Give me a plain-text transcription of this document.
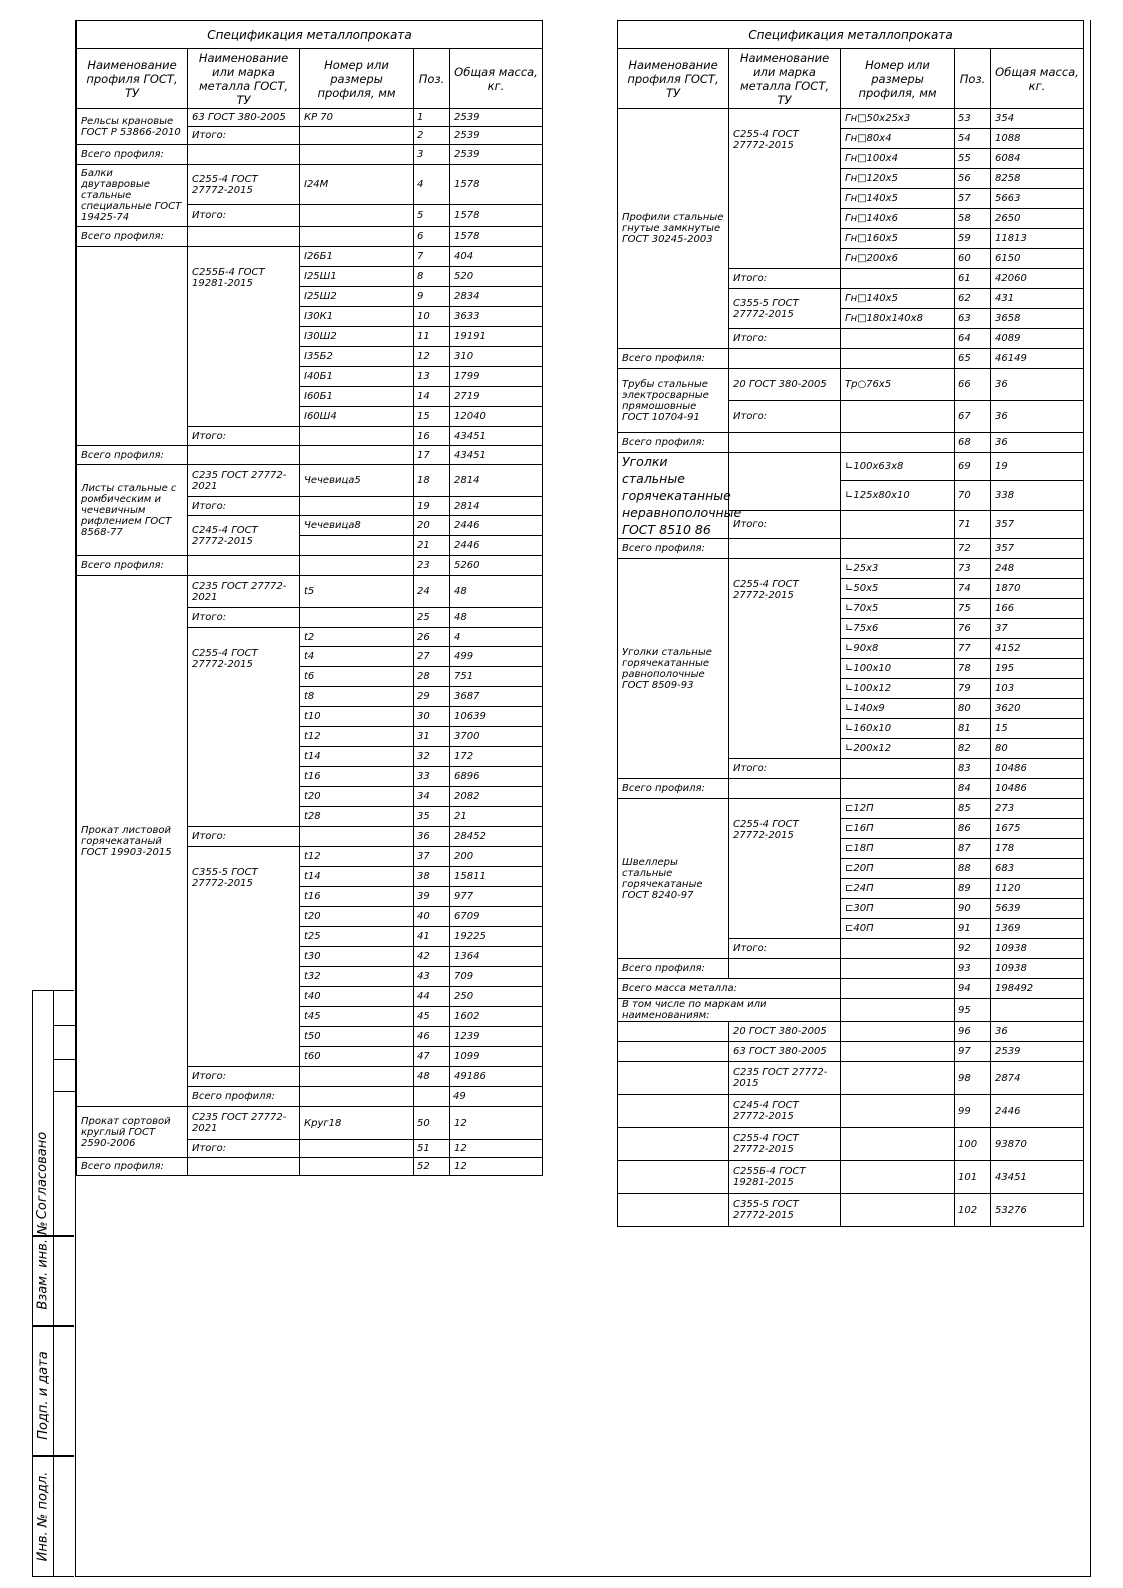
Спецификация металлопроката					
Наименование профиля ГОСТ, ТУ	Наименование или марка металла ГОСТ, ТУ	Номер или размеры профиля, мм	Поз.	Общая масса, кг.	
Рельсы крановые ГОСТ Р 53866-2010	63 ГОСТ 380-2005	КР 70	1	2539	
	Итого:		2	2539	
Всего профиля:			3	2539	
Балки двутавровые стальные специальные ГОСТ 19425-74	С255-4 ГОСТ 27772-2015	I24М	4	1578	
	Итого:		5	1578	
Всего профиля:			6	1578	
	С255Б-4 ГОСТ 19281-2015	I26Б1	7	404	
		I25Ш1	8	520	
		I25Ш2	9	2834	
		I30К1	10	3633	
		I30Ш2	11	19191	
		I35Б2	12	310	
		I40Б1	13	1799	
		I60Б1	14	2719	
		I60Ш4	15	12040	
	Итого:		16	43451	
Всего профиля:			17	43451	
Листы стальные с ромбическим и чечевичным рифлением ГОСТ 8568-77	С235 ГОСТ 27772-2021	Чечевица5	18	2814	
	Итого:		19	2814	
	С245-4 ГОСТ 27772-2015	Чечевица8	20	2446	
			21	2446	
Всего профиля:			23	5260	
Прокат листовой горячекатаный ГОСТ 19903-2015	С235 ГОСТ 27772-2021	t5	24	48	
	Итого:		25	48	
	С255-4 ГОСТ 27772-2015	t2	26	4	
		t4	27	499	
		t6	28	751	
		t8	29	3687	
		t10	30	10639	
		t12	31	3700	
		t14	32	172	
		t16	33	6896	
		t20	34	2082	
		t28	35	21	
	Итого:		36	28452	
	С355-5 ГОСТ 27772-2015	t12	37	200	
		t14	38	15811	
		t16	39	977	
		t20	40	6709	
		t25	41	19225	
		t30	42	1364	
		t32	43	709	
		t40	44	250	
		t45	45	1602	
		t50	46	1239	
		t60	47	1099	
	Итого:		48	49186	
	Всего профиля:			49	
Прокат сортовой круглый ГОСТ 2590-2006	С235 ГОСТ 27772-2021	Кpуг18	50	12	
	Итого:		51	12	
Всего профиля:			52	12	
Спецификация металлопроката				
Наименование профиля ГОСТ, ТУ	Наименование или марка металла ГОСТ, ТУ	Номер или размеры профиля, мм	Поз.	Общая масса, кг.
Профили стальные гнутые замкнутые ГОСТ 30245-2003	С255-4 ГОСТ 27772-2015	Гн□50х25х3	53	354
		Гн□80х4	54	1088
		Гн□100х4	55	6084
		Гн□120х5	56	8258
		Гн□140х5	57	5663
		Гн□140х6	58	2650
		Гн□160х5	59	11813
		Гн□200х6	60	6150
	Итого:		61	42060
	С355-5 ГОСТ 27772-2015	Гн□140х5	62	431
		Гн□180х140х8	63	3658
	Итого:		64	4089
Всего профиля:			65	46149
Трубы стальные электросварные прямошовные ГОСТ 10704-91	20 ГОСТ 380-2005	Тр○76х5	66	36
	Итого:		67	36
Всего профиля:			68	36
Уголки стальные горячекатанные неравнополочные ГОСТ 8510 86		∟100х63х8	69	19
		∟125х80х10	70	338
	Итого:		71	357
Всего профиля:			72	357
Уголки стальные горячекатанные равнополочные ГОСТ 8509-93	С255-4 ГОСТ 27772-2015	∟25х3	73	248
		∟50х5	74	1870
		∟70х5	75	166
		∟75х6	76	37
		∟90х8	77	4152
		∟100х10	78	195
		∟100х12	79	103
		∟140х9	80	3620
		∟160х10	81	15
		∟200х12	82	80
	Итого:		83	10486
Всего профиля:			84	10486
Швеллеры стальные горячекатаные ГОСТ 8240-97	С255-4 ГОСТ 27772-2015	⊏12П	85	273
		⊏16П	86	1675
		⊏18П	87	178
		⊏20П	88	683
		⊏24П	89	1120
		⊏30П	90	5639
		⊏40П	91	1369
	Итого:		92	10938
Всего профиля:			93	10938
Всего масса металла:			94	198492
В том числе по маркам или наименованиям:			95	
	20 ГОСТ 380-2005		96	36
	63 ГОСТ 380-2005		97	2539
	С235 ГОСТ 27772-2015		98	2874
	С245-4 ГОСТ 27772-2015		99	2446
	С255-4 ГОСТ 27772-2015		100	93870
	С255Б-4 ГОСТ 19281-2015		101	43451
	С355-5 ГОСТ 27772-2015		102	53276
Согласовано
Взам. инв. №
Подп. и дата
Инв. № подл.
